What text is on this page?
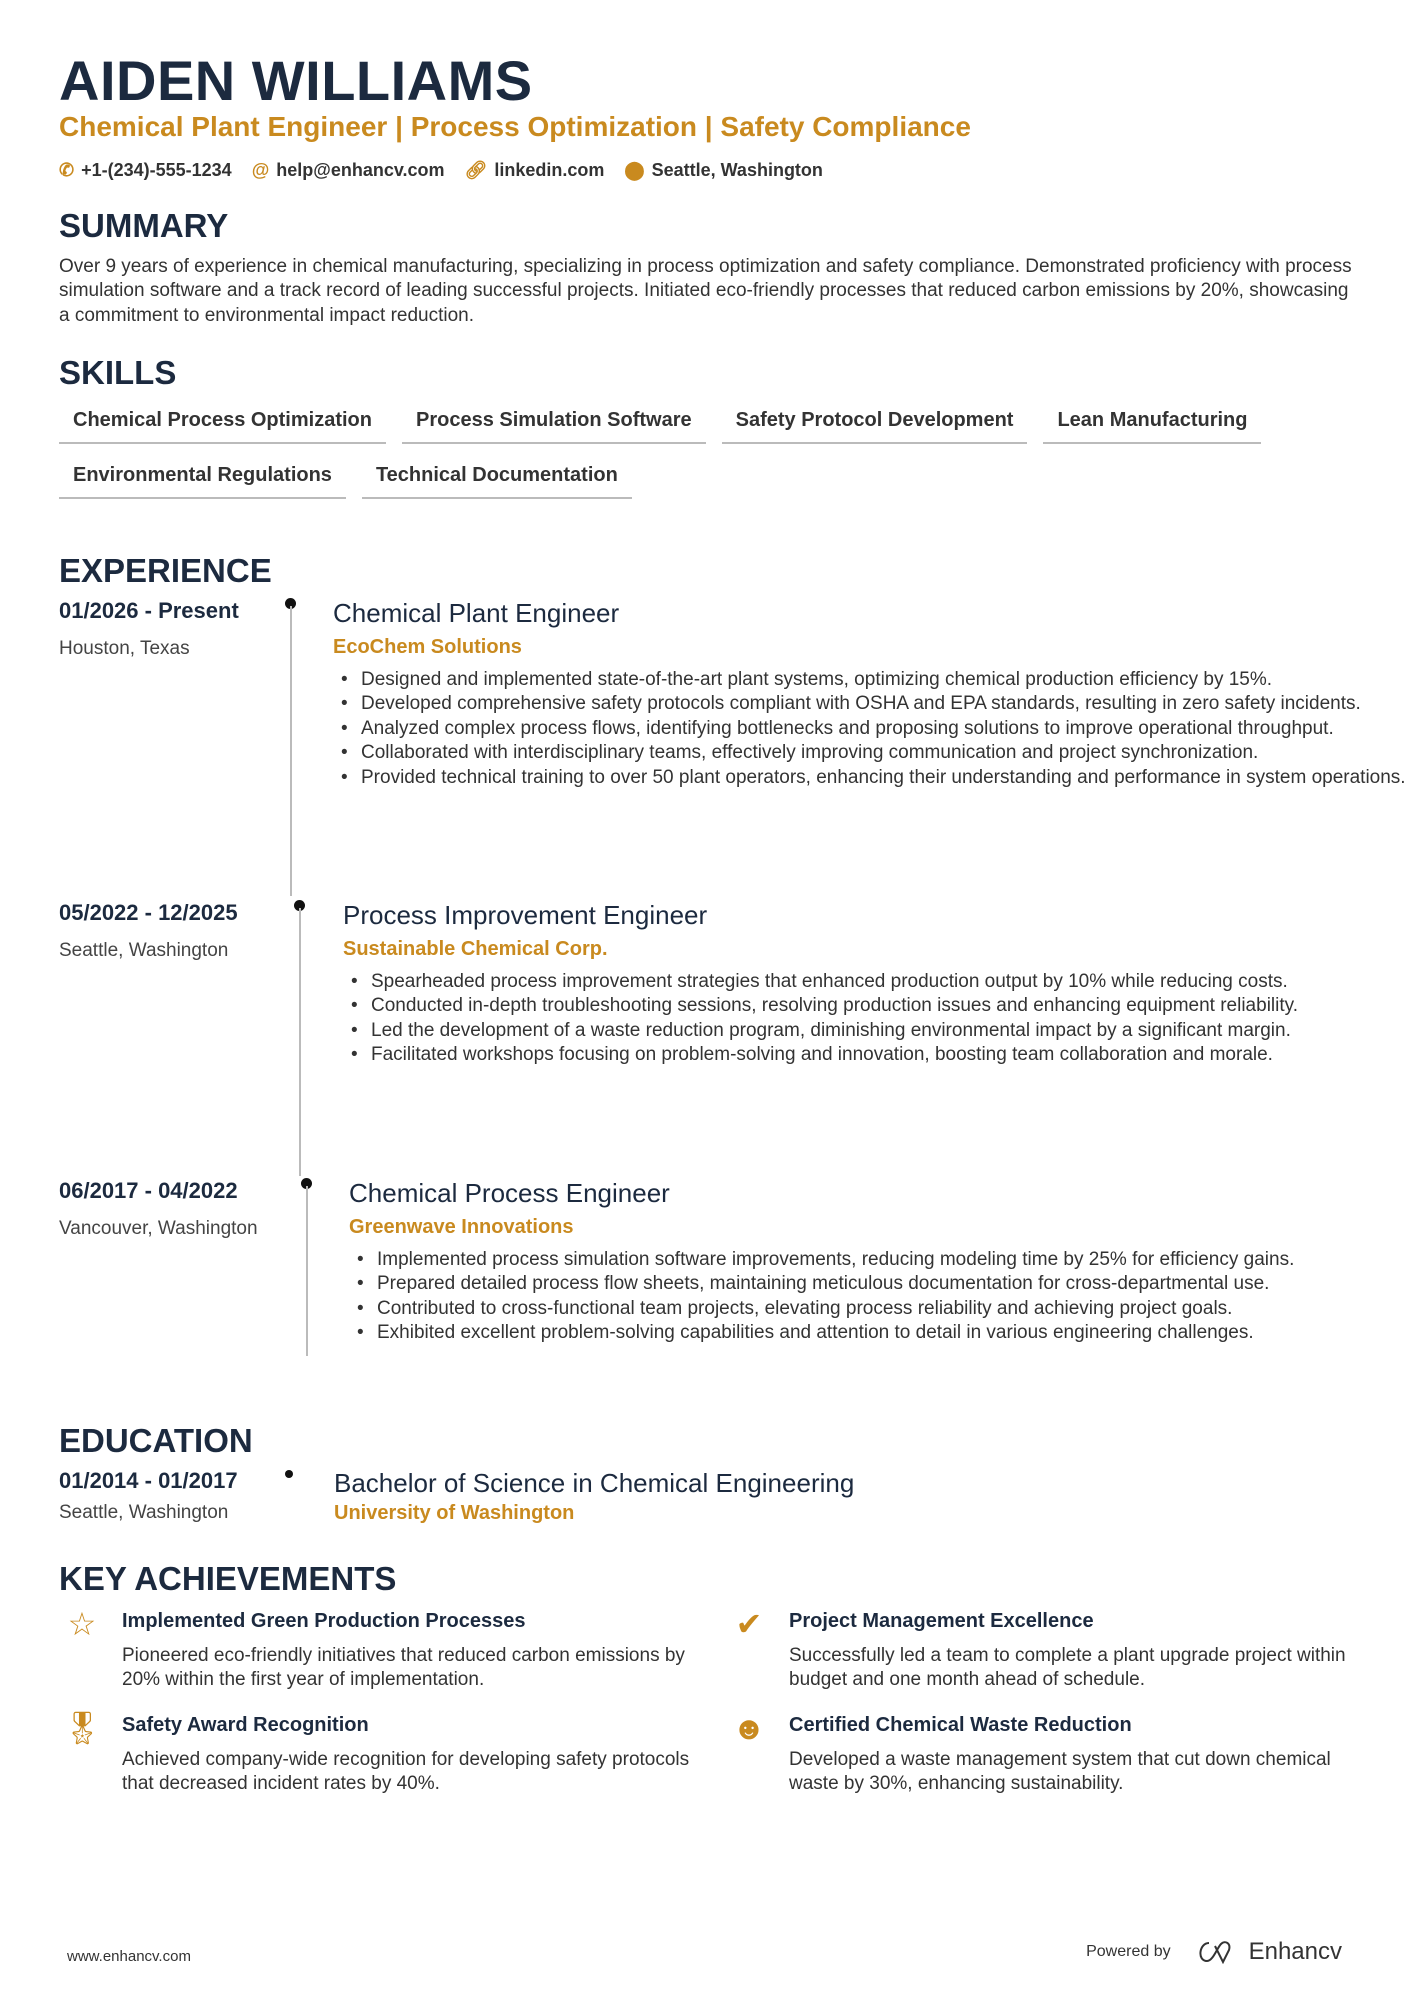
AIDEN WILLIAMS
Chemical Plant Engineer | Process Optimization | Safety Compliance
✆ +1-(234)-555-1234 @ help@enhancv.com 🔗︎ linkedin.com ⬤ Seattle, Washington
SUMMARY
Over 9 years of experience in chemical manufacturing, specializing in process optimization and safety compliance. Demonstrated proficiency with process simulation software and a track record of leading successful projects. Initiated eco-friendly processes that reduced carbon emissions by 20%, showcasing a commitment to environmental impact reduction.
SKILLS
Chemical Process Optimization	Process Simulation Software	Safety Protocol Development	Lean Manufacturing
Environmental Regulations	Technical Documentation
EXPERIENCE
01/2026 - Present
Houston, Texas
Chemical Plant Engineer
EcoChem Solutions
• Designed and implemented state-of-the-art plant systems, optimizing chemical production efficiency by 15%.
• Developed comprehensive safety protocols compliant with OSHA and EPA standards, resulting in zero safety incidents.
• Analyzed complex process flows, identifying bottlenecks and proposing solutions to improve operational throughput.
• Collaborated with interdisciplinary teams, effectively improving communication and project synchronization.
• Provided technical training to over 50 plant operators, enhancing their understanding and performance in system operations.
05/2022 - 12/2025
Seattle, Washington
Process Improvement Engineer
Sustainable Chemical Corp.
• Spearheaded process improvement strategies that enhanced production output by 10% while reducing costs.
• Conducted in-depth troubleshooting sessions, resolving production issues and enhancing equipment reliability.
• Led the development of a waste reduction program, diminishing environmental impact by a significant margin.
• Facilitated workshops focusing on problem-solving and innovation, boosting team collaboration and morale.
06/2017 - 04/2022
Vancouver, Washington
Chemical Process Engineer
Greenwave Innovations
• Implemented process simulation software improvements, reducing modeling time by 25% for efficiency gains.
• Prepared detailed process flow sheets, maintaining meticulous documentation for cross-departmental use.
• Contributed to cross-functional team projects, elevating process reliability and achieving project goals.
• Exhibited excellent problem-solving capabilities and attention to detail in various engineering challenges.
EDUCATION
01/2014 - 01/2017
Seattle, Washington
Bachelor of Science in Chemical Engineering
University of Washington
KEY ACHIEVEMENTS
☆ Implemented Green Production Processes
Pioneered eco-friendly initiatives that reduced carbon emissions by 20% within the first year of implementation.
✔	Project Management Excellence
Successfully led a team to complete a plant upgrade project within budget and one month ahead of schedule.
🎖︎ Safety Award Recognition
Achieved company-wide recognition for developing safety protocols that decreased incident rates by 40%.
☻ Certified Chemical Waste Reduction
Developed a waste management system that cut down chemical waste by 30%, enhancing sustainability.
www.enhancv.com	Powered by	Enhancv
